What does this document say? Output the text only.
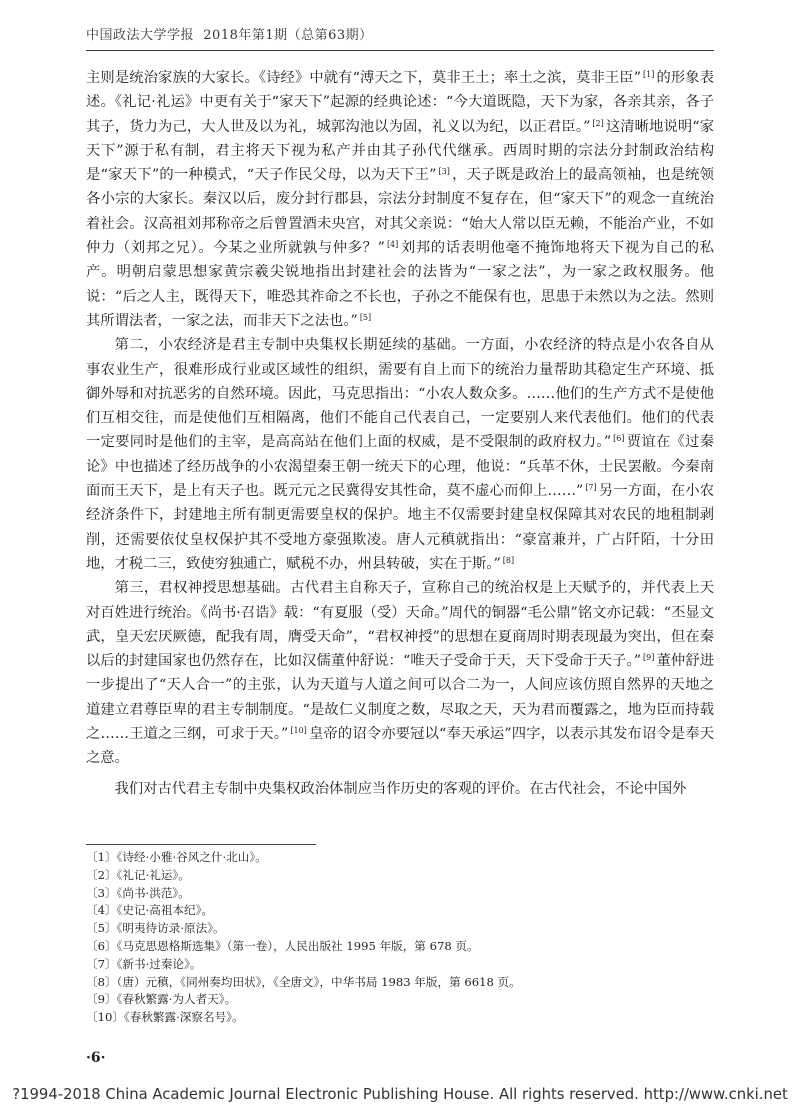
中国政法大学学报 2018年第1期（总第63期）

主则是统治家族的大家长。《诗经》中就有“溥天之下，莫非王土；率土之滨，莫非王臣” [1] 的形象表述。《礼记·礼运》中更有关于“家天下”起源的经典论述：“今大道既隐，天下为家，各亲其亲，各子其子，货力为己，大人世及以为礼，城郭沟池以为固，礼义以为纪，以正君臣。” [2] 这清晰地说明“家天下”源于私有制，君主将天下视为私产并由其子孙代代继承。西周时期的宗法分封制政治结构是“家天下”的一种模式，“天子作民父母，以为天下王” [3] ，天子既是政治上的最高领袖，也是统领各小宗的大家长。秦汉以后，废分封行郡县，宗法分封制度不复存在，但“家天下”的观念一直统治着社会。汉高祖刘邦称帝之后曾置酒未央宫，对其父亲说：“始大人常以臣无赖，不能治产业，不如仲力（刘邦之兄）。今某之业所就孰与仲多？” [4] 刘邦的话表明他毫不掩饰地将天下视为自己的私产。明朝启蒙思想家黄宗羲尖锐地指出封建社会的法皆为“一家之法”，为一家之政权服务。他说：“后之人主，既得天下，唯恐其祚命之不长也，子孙之不能保有也，思患于未然以为之法。然则其所谓法者，一家之法，而非天下之法也。” [5]

第二，小农经济是君主专制中央集权长期延续的基础。一方面，小农经济的特点是小农各自从事农业生产，很难形成行业或区域性的组织，需要有自上而下的统治力量帮助其稳定生产环境、抵御外辱和对抗恶劣的自然环境。因此，马克思指出：“小农人数众多。……他们的生产方式不是使他们互相交往，而是使他们互相隔离，他们不能自己代表自己，一定要别人来代表他们。他们的代表一定要同时是他们的主宰，是高高站在他们上面的权威，是不受限制的政府权力。” [6] 贾谊在《过秦论》中也描述了经历战争的小农渴望秦王朝一统天下的心理，他说：“兵革不休，士民罢敝。今秦南面而王天下，是上有天子也。既元元之民冀得安其性命，莫不虚心而仰上……” [7] 另一方面，在小农经济条件下，封建地主所有制更需要皇权的保护。地主不仅需要封建皇权保障其对农民的地租制剥削，还需要依仗皇权保护其不受地方豪强欺凌。唐人元稹就指出：“豪富兼并，广占阡陌，十分田地，才税二三，致使穷独逋亡，赋税不办，州县转破，实在于斯。” [8]

第三，君权神授思想基础。古代君主自称天子，宣称自己的统治权是上天赋予的，并代表上天对百姓进行统治。《尚书·召诰》载：“有夏服（受）天命。”周代的铜器“毛公鼎”铭文亦记载：“丕显文武，皇天宏厌厥德，配我有周，膺受天命”，“君权神授”的思想在夏商周时期表现最为突出，但在秦以后的封建国家也仍然存在，比如汉儒董仲舒说：“唯天子受命于天，天下受命于天子。” [9] 董仲舒进一步提出了“天人合一”的主张，认为天道与人道之间可以合二为一，人间应该仿照自然界的天地之道建立君尊臣卑的君主专制制度。“是故仁义制度之数，尽取之天，天为君而覆露之，地为臣而持载之……王道之三纲，可求于天。” [10] 皇帝的诏令亦要冠以“奉天承运”四字，以表示其发布诏令是奉天之意。

我们对古代君主专制中央集权政治体制应当作历史的客观的评价。在古代社会，不论中国外

〔1〕《诗经·小雅·谷风之什·北山》。
〔2〕《礼记·礼运》。
〔3〕《尚书·洪范》。
〔4〕《史记·高祖本纪》。
〔5〕《明夷待访录·原法》。
〔6〕《马克思恩格斯选集》（第一卷），人民出版社 1995 年版，第 678 页。
〔7〕《新书·过秦论》。
〔8〕（唐）元稹，《同州奏均田状》，《全唐文》，中华书局 1983 年版，第 6618 页。
〔9〕《春秋繁露·为人者天》。
〔10〕《春秋繁露·深察名号》。
·6·
?1994-2018 China Academic Journal Electronic Publishing House. All rights reserved. http://www.cnki.net
